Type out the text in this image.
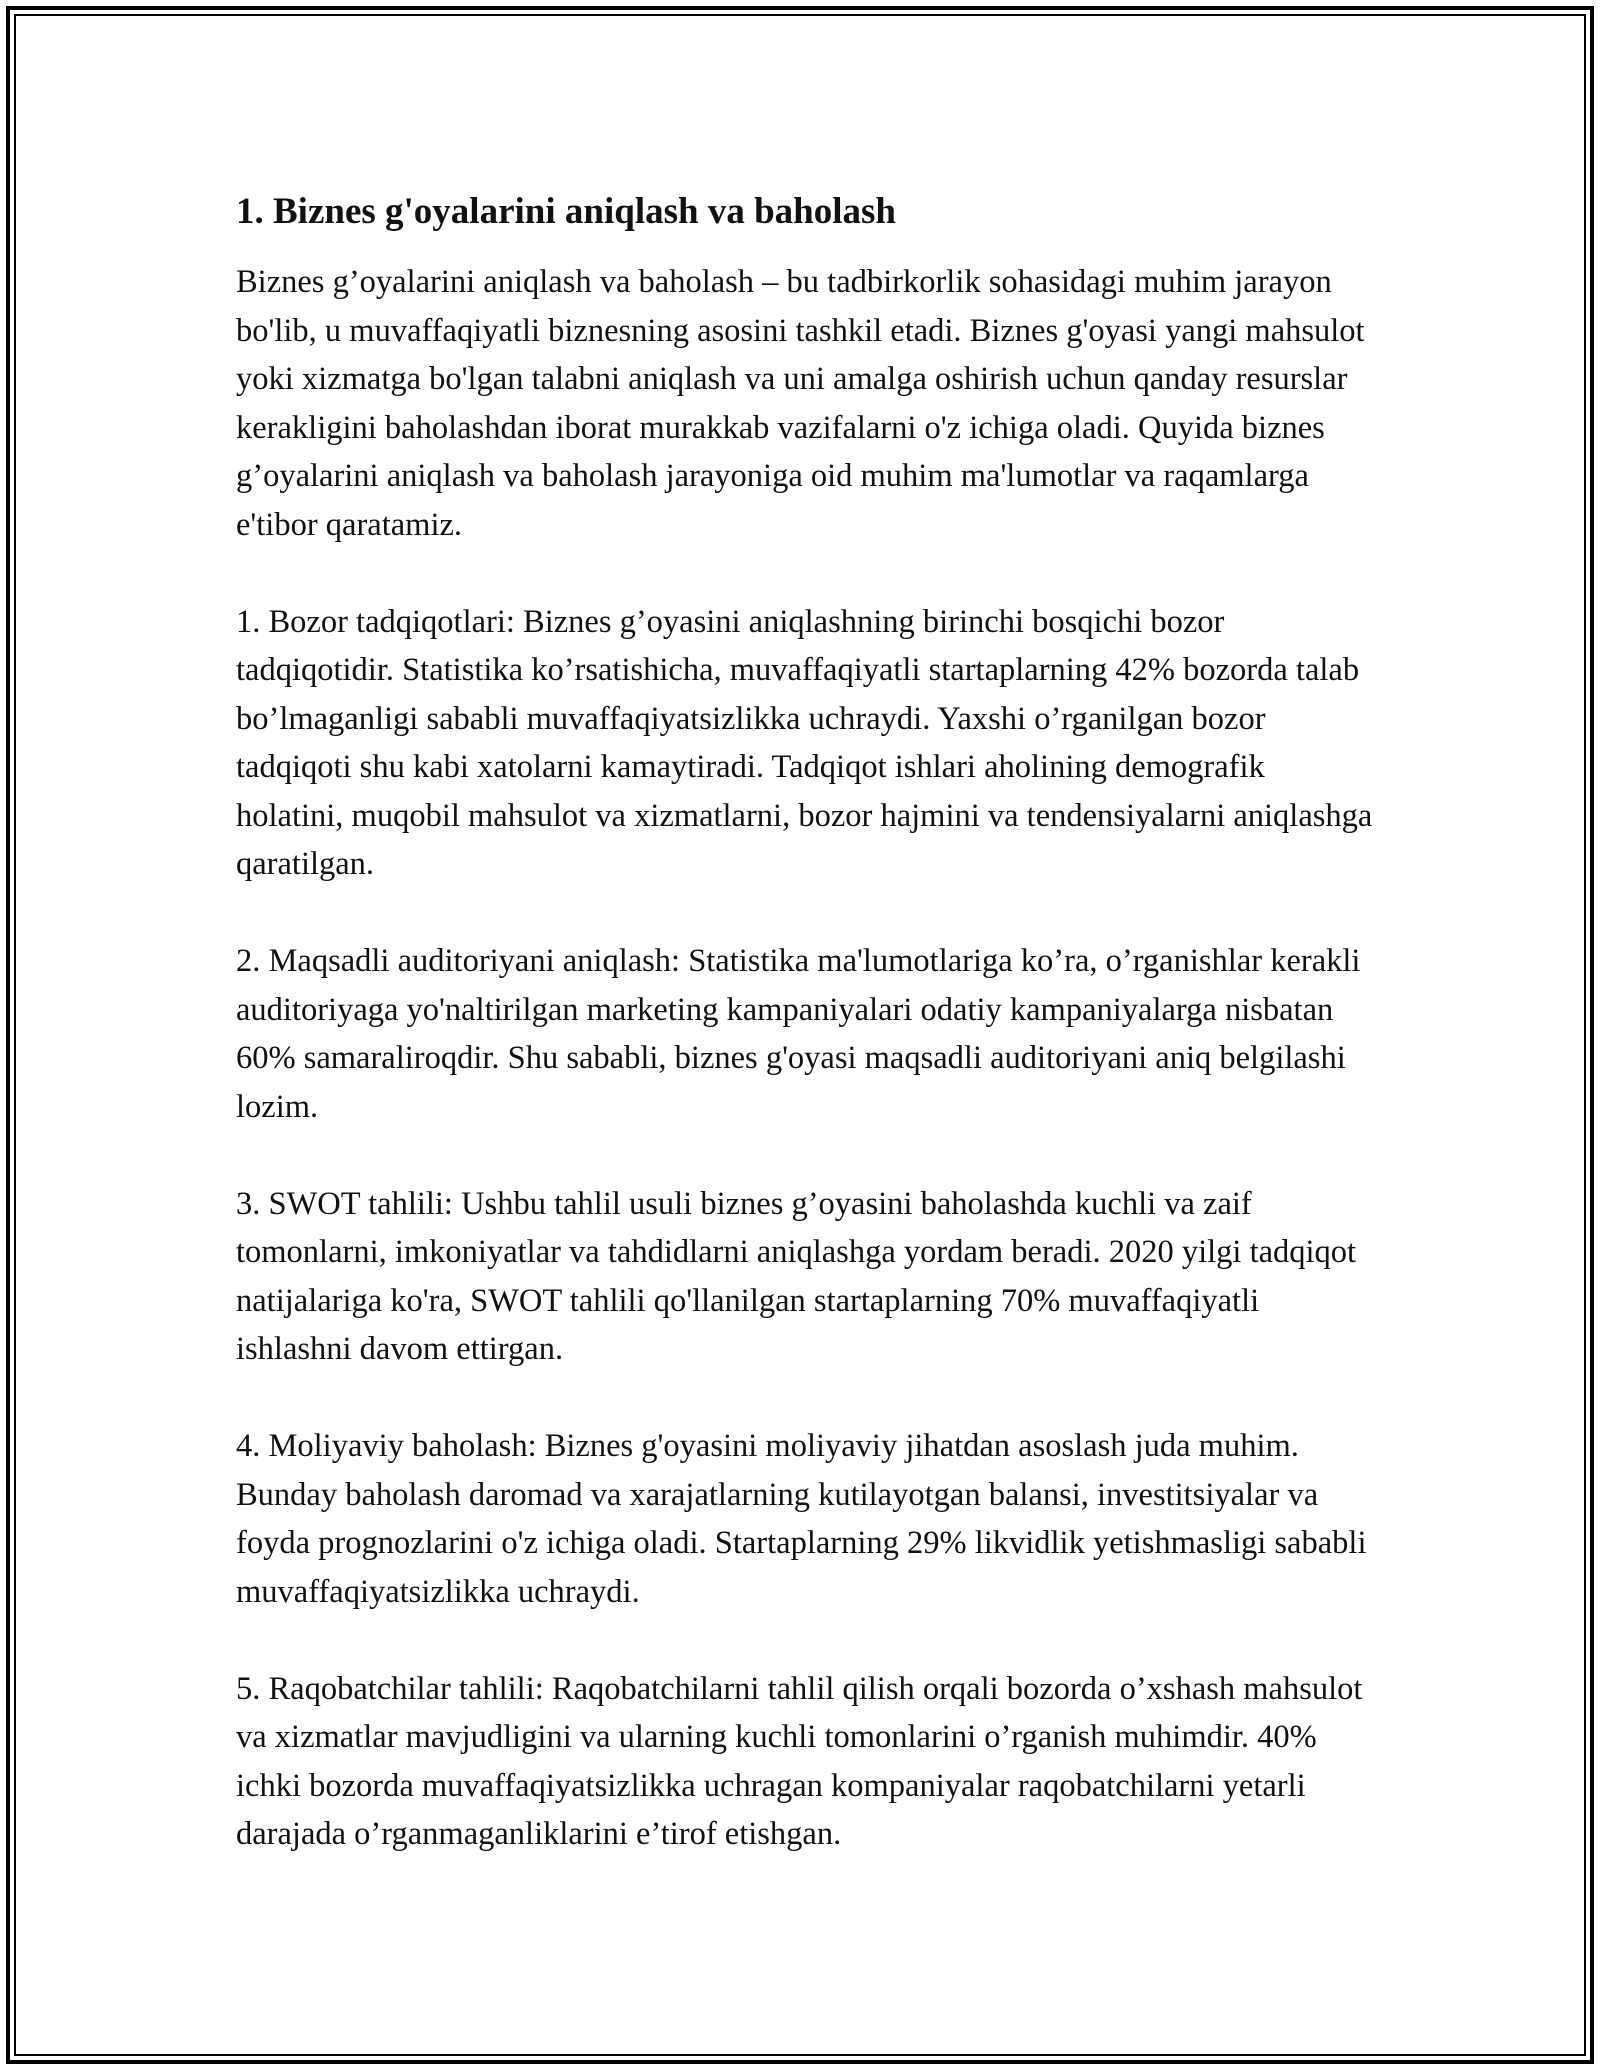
1. Biznes g'oyalarini aniqlash va baholash

Biznes g’oyalarini aniqlash va baholash – bu tadbirkorlik sohasidagi muhim jarayon bo'lib, u muvaffaqiyatli biznesning asosini tashkil etadi. Biznes g'oyasi yangi mahsulot yoki xizmatga bo'lgan talabni aniqlash va uni amalga oshirish uchun qanday resurslar kerakligini baholashdan iborat murakkab vazifalarni o'z ichiga oladi. Quyida biznes g’oyalarini aniqlash va baholash jarayoniga oid muhim ma'lumotlar va raqamlarga e'tibor qaratamiz.

1. Bozor tadqiqotlari: Biznes g’oyasini aniqlashning birinchi bosqichi bozor tadqiqotidir. Statistika ko’rsatishicha, muvaffaqiyatli startaplarning 42% bozorda talab bo’lmaganligi sababli muvaffaqiyatsizlikka uchraydi. Yaxshi o’rganilgan bozor tadqiqoti shu kabi xatolarni kamaytiradi. Tadqiqot ishlari aholining demografik holatini, muqobil mahsulot va xizmatlarni, bozor hajmini va tendensiyalarni aniqlashga qaratilgan.

2. Maqsadli auditoriyani aniqlash: Statistika ma'lumotlariga ko’ra, o’rganishlar kerakli auditoriyaga yo'naltirilgan marketing kampaniyalari odatiy kampaniyalarga nisbatan 60% samaraliroqdir. Shu sababli, biznes g'oyasi maqsadli auditoriyani aniq belgilashi lozim.

3. SWOT tahlili: Ushbu tahlil usuli biznes g’oyasini baholashda kuchli va zaif tomonlarni, imkoniyatlar va tahdidlarni aniqlashga yordam beradi. 2020 yilgi tadqiqot natijalariga ko'ra, SWOT tahlili qo'llanilgan startaplarning 70% muvaffaqiyatli ishlashni davom ettirgan.

4. Moliyaviy baholash: Biznes g'oyasini moliyaviy jihatdan asoslash juda muhim. Bunday baholash daromad va xarajatlarning kutilayotgan balansi, investitsiyalar va foyda prognozlarini o'z ichiga oladi. Startaplarning 29% likvidlik yetishmasligi sababli muvaffaqiyatsizlikka uchraydi.

5. Raqobatchilar tahlili: Raqobatchilarni tahlil qilish orqali bozorda o’xshash mahsulot va xizmatlar mavjudligini va ularning kuchli tomonlarini o’rganish muhimdir. 40% ichki bozorda muvaffaqiyatsizlikka uchragan kompaniyalar raqobatchilarni yetarli darajada o’rganmaganliklarini e’tirof etishgan.
